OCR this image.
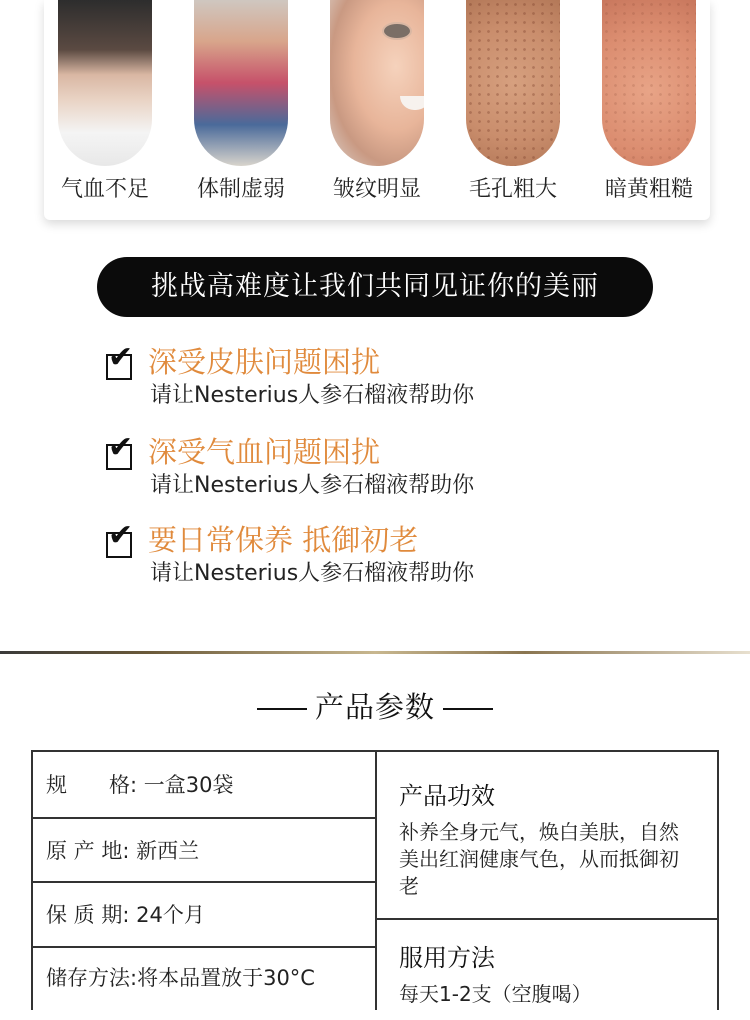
气血不足	体制虚弱	皱纹明显	毛孔粗大	暗黄粗糙
挑战高难度让我们共同见证你的美丽
✔ 深受皮肤问题困扰
请让Nesterius人参石榴液帮助你
✔ 深受气血问题困扰
请让Nesterius人参石榴液帮助你
✔ 要日常保养 抵御初老
请让Nesterius人参石榴液帮助你
产品参数
规　　格: 一盒30袋
原 产 地: 新西兰
保 质 期: 24个月
储存方法:将本品置放于30°C
产品功效
补养全身元气，焕白美肤，自然美出红润健康气色，从而抵御初老
服用方法
每天1-2支（空腹喝）
